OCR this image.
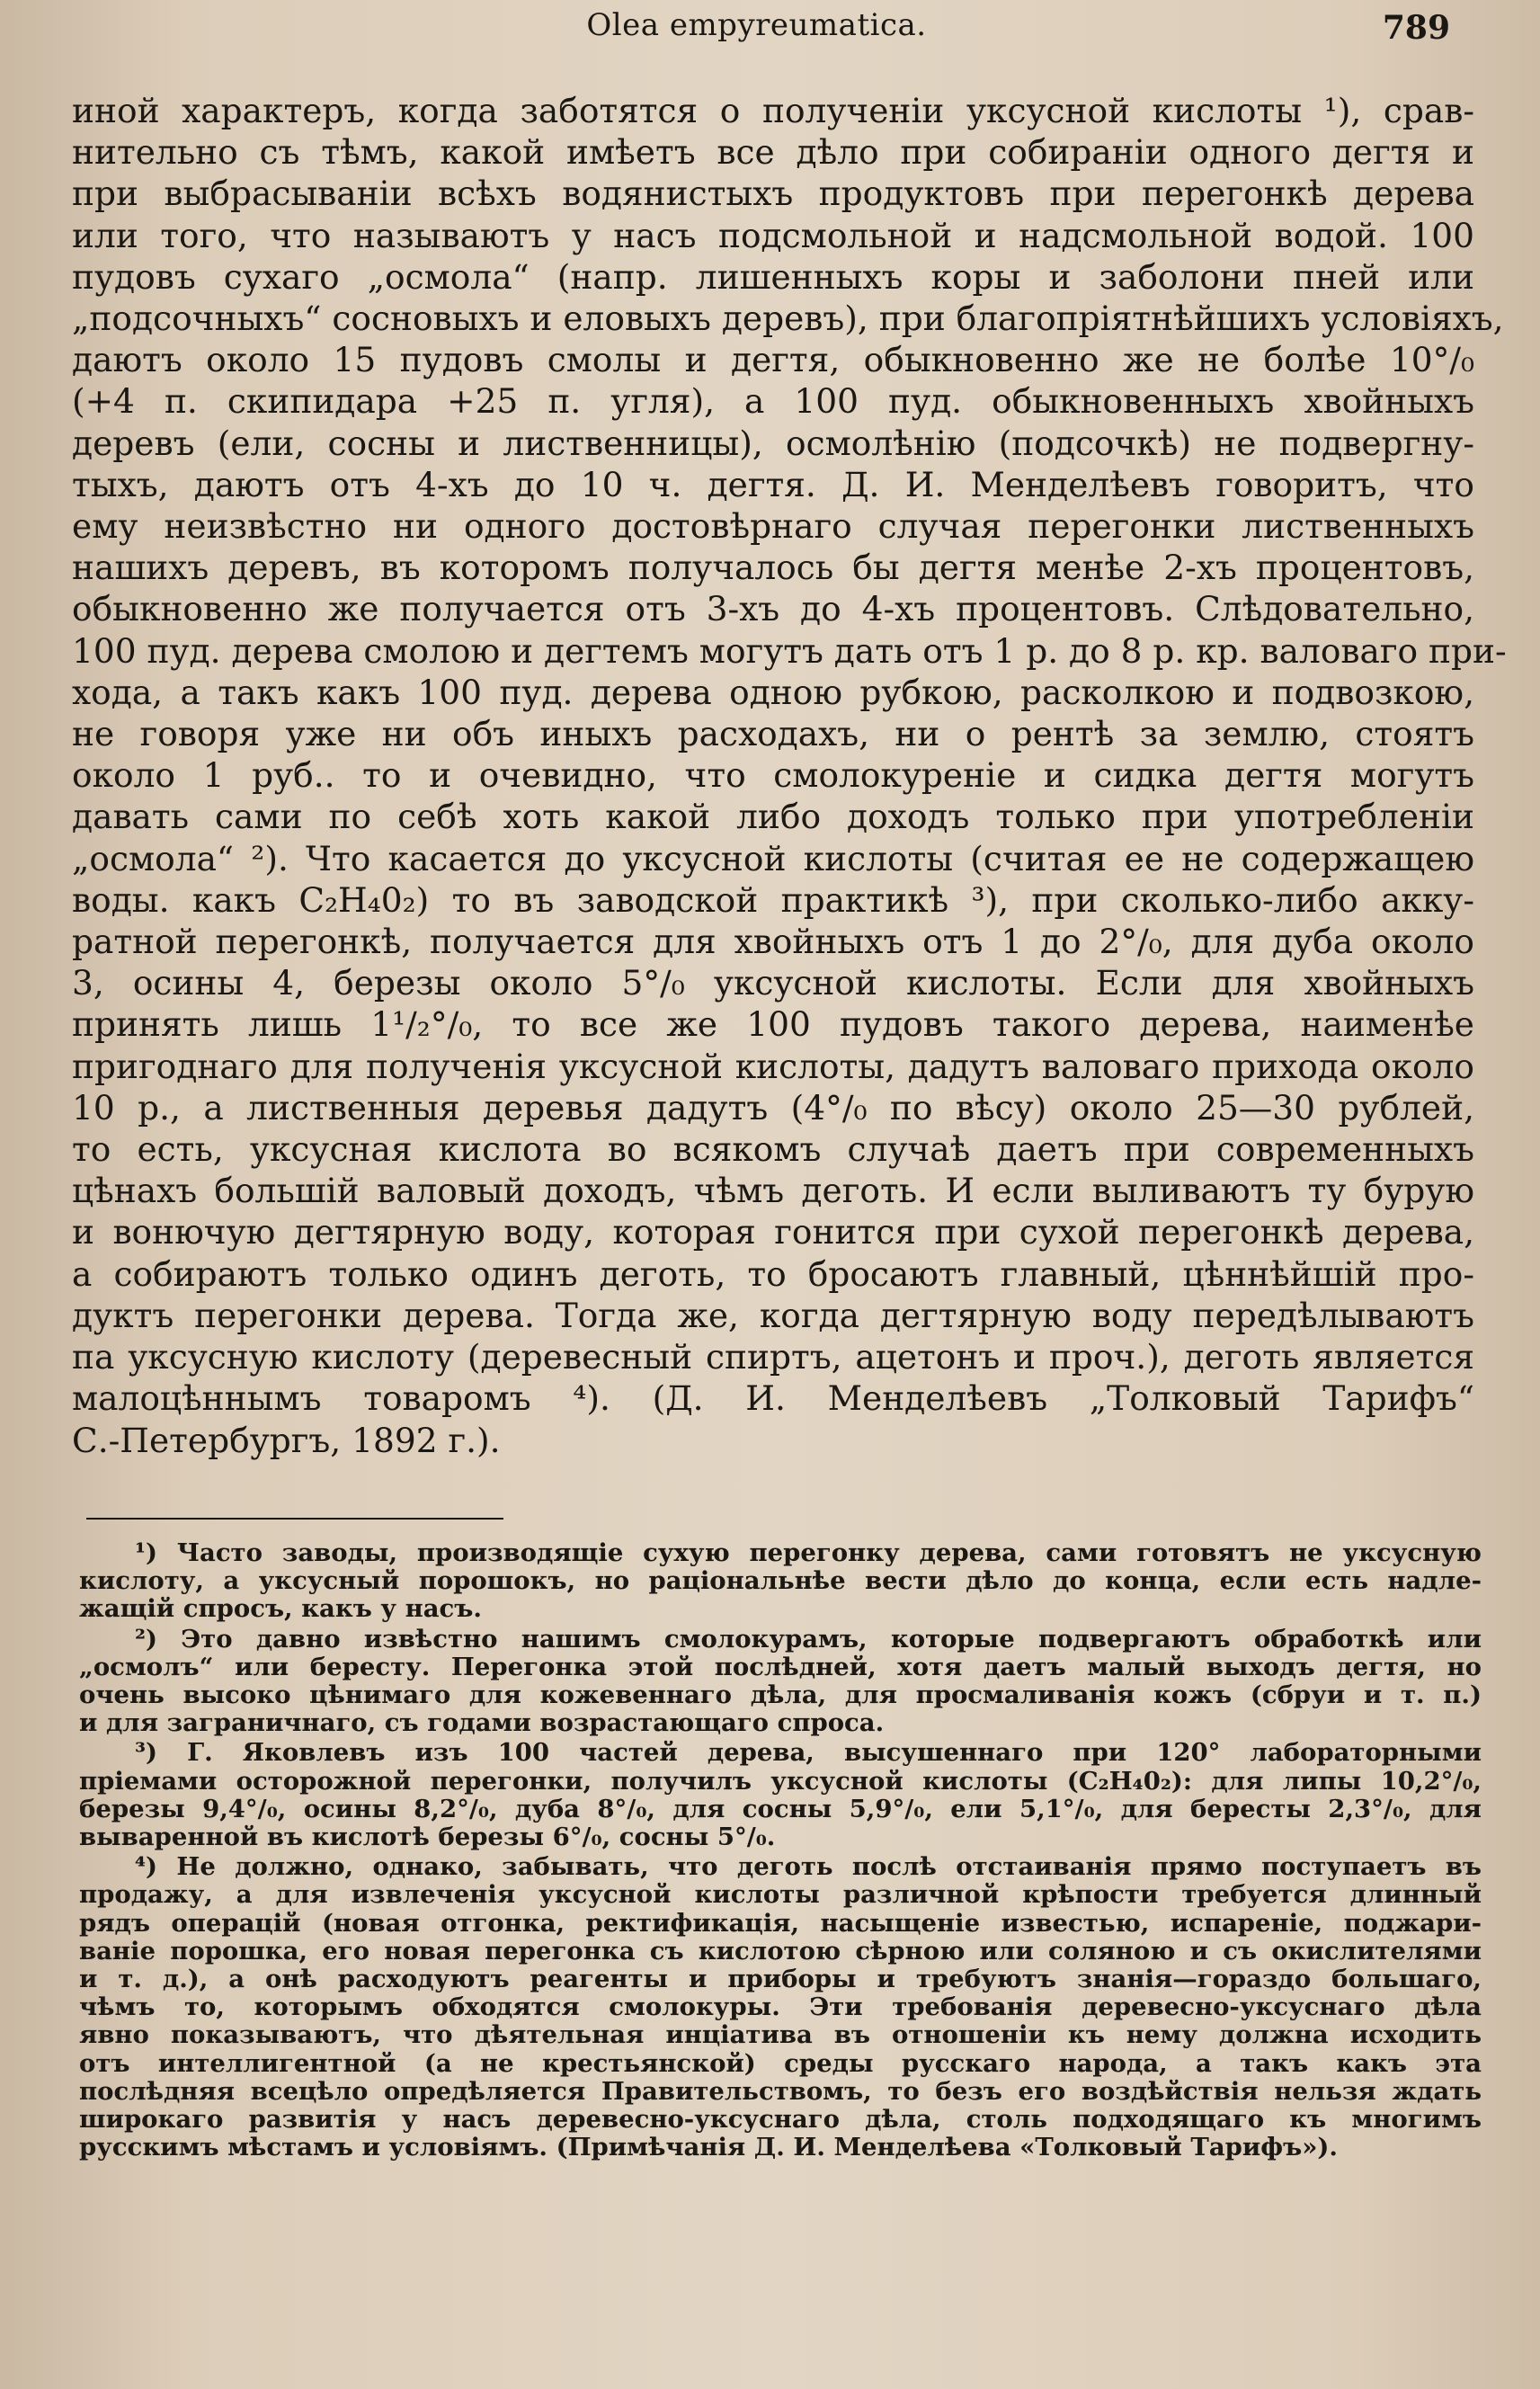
Olea empyreumatica.	789
иной характеръ, когда заботятся о полученіи уксусной кислоты ¹), срав-
нительно съ тѣмъ, какой имѣетъ все дѣло при собираніи одного дегтя и
при выбрасываніи всѣхъ водянистыхъ продуктовъ при перегонкѣ дерева
или того, что называютъ у насъ подсмольной и надсмольной водой. 100
пудовъ сухаго „осмола“ (напр. лишенныхъ коры и заболони пней или
„подсочныхъ“ сосновыхъ и еловыхъ деревъ), при благопріятнѣйшихъ условіяхъ,
даютъ около 15 пудовъ смолы и дегтя, обыкновенно же не болѣе 10°/₀
(+4 п. скипидара +25 п. угля), а 100 пуд. обыкновенныхъ хвойныхъ
деревъ (ели, сосны и лиственницы), осмолѣнію (подсочкѣ) не подвергну-
тыхъ, даютъ отъ 4-хъ до 10 ч. дегтя. Д. И. Менделѣевъ говоритъ, что
ему неизвѣстно ни одного достовѣрнаго случая перегонки лиственныхъ
нашихъ деревъ, въ которомъ получалось бы дегтя менѣе 2-хъ процентовъ,
обыкновенно же получается отъ 3-хъ до 4-хъ процентовъ. Слѣдовательно,
100 пуд. дерева смолою и дегтемъ могутъ дать отъ 1 р. до 8 р. кр. валоваго при-
хода, а такъ какъ 100 пуд. дерева одною рубкою, расколкою и подвозкою,
не говоря уже ни объ иныхъ расходахъ, ни о рентѣ за землю, стоятъ
около 1 руб.. то и очевидно, что смолокуреніе и сидка дегтя могутъ
давать сами по себѣ хоть какой либо доходъ только при употребленіи
„осмола“ ²). Что касается до уксусной кислоты (считая ее не содержащею
воды. какъ C₂H₄0₂) то въ заводской практикѣ ³), при сколько-либо акку-
ратной перегонкѣ, получается для хвойныхъ отъ 1 до 2°/₀, для дуба около
3, осины 4, березы около 5°/₀ уксусной кислоты. Если для хвойныхъ
принять лишь 1¹/₂°/₀, то все же 100 пудовъ такого дерева, наименѣе
пригоднаго для полученія уксусной кислоты, дадутъ валоваго прихода около
10 р., а лиственныя деревья дадутъ (4°/₀ по вѣсу) около 25—30 рублей,
то есть, уксусная кислота во всякомъ случаѣ даетъ при современныхъ
цѣнахъ большій валовый доходъ, чѣмъ деготь. И если выливаютъ ту бурую
и вонючую дегтярную воду, которая гонится при сухой перегонкѣ дерева,
а собираютъ только одинъ деготь, то бросаютъ главный, цѣннѣйшій про-
дуктъ перегонки дерева. Тогда же, когда дегтярную воду передѣлываютъ
па уксусную кислоту (деревесный спиртъ, ацетонъ и проч.), деготь является
малоцѣннымъ товаромъ ⁴). (Д. И. Менделѣевъ „Толковый Тарифъ“
С.-Петербургъ, 1892 г.).
¹) Часто заводы, производящіе сухую перегонку дерева, сами готовятъ не уксусную
кислоту, а уксусный порошокъ, но раціональнѣе вести дѣло до конца, если есть надле-
жащій спросъ, какъ у насъ.
²) Это давно извѣстно нашимъ смолокурамъ, которые подвергаютъ обработкѣ или
„осмолъ“ или бересту. Перегонка этой послѣдней, хотя даетъ малый выходъ дегтя, но
очень высоко цѣнимаго для кожевеннаго дѣла, для просмаливанія кожъ (сбруи и т. п.)
и для заграничнаго, съ годами возрастающаго спроса.
³) Г. Яковлевъ изъ 100 частей дерева, высушеннаго при 120° лабораторными
пріемами осторожной перегонки, получилъ уксусной кислоты (C₂H₄0₂): для липы 10,2°/₀,
березы 9,4°/₀, осины 8,2°/₀, дуба 8°/₀, для сосны 5,9°/₀, ели 5,1°/₀, для бересты 2,3°/₀, для
вываренной въ кислотѣ березы 6°/₀, сосны 5°/₀.
⁴) Не должно, однако, забывать, что деготь послѣ отстаиванія прямо поступаетъ въ
продажу, а для извлеченія уксусной кислоты различной крѣпости требуется длинный
рядъ операцій (новая отгонка, ректификація, насыщеніе известью, испареніе, поджари-
ваніе порошка, его новая перегонка съ кислотою сѣрною или соляною и съ окислителями
и т. д.), а онѣ расходуютъ реагенты и приборы и требуютъ знанія—гораздо большаго,
чѣмъ то, которымъ обходятся смолокуры. Эти требованія деревесно-уксуснаго дѣла
явно показываютъ, что дѣятельная инціатива въ отношеніи къ нему должна исходить
отъ интеллигентной (а не крестьянской) среды русскаго народа, а такъ какъ эта
послѣдняя всецѣло опредѣляется Правительствомъ, то безъ его воздѣйствія нельзя ждать
широкаго развитія у насъ деревесно-уксуснаго дѣла, столь подходящаго къ многимъ
русскимъ мѣстамъ и условіямъ. (Примѣчанія Д. И. Менделѣева «Толковый Тарифъ»).
